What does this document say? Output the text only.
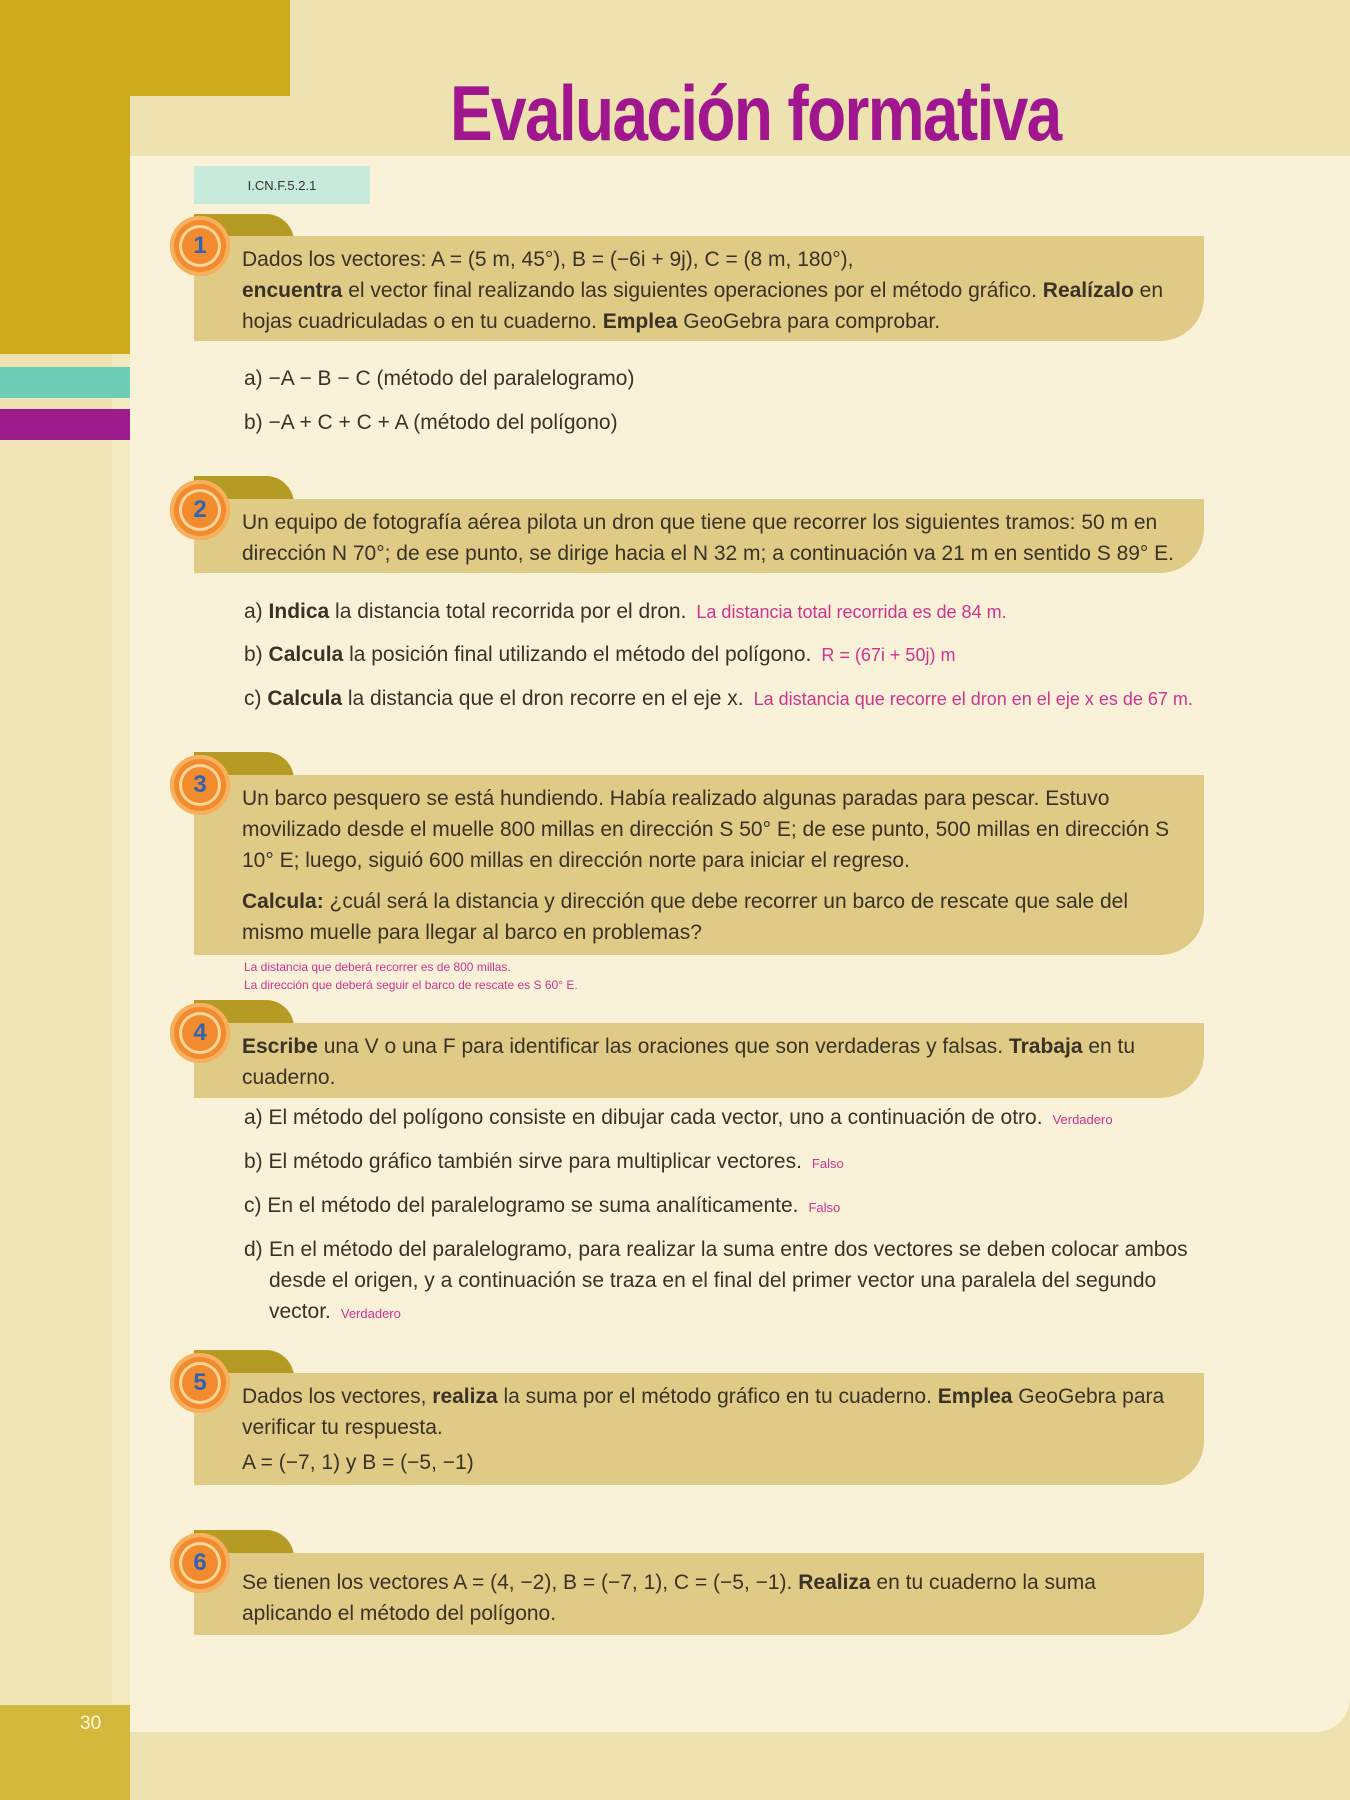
30
Evaluación formativa
I.CN.F.5.2.1

Dados los vectores: A = (5 m, 45°), B = (−6i + 9j), C = (8 m, 180°),
encuentra el vector final realizando las siguientes operaciones por el método gráfico. Realízalo en hojas cuadriculadas o en tu cuaderno. Emplea GeoGebra para comprobar.

1
a) −A − B − C (método del paralelogramo)
b) −A + C + C + A (método del polígono)

Un equipo de fotografía aérea pilota un dron que tiene que recorrer los siguientes tramos: 50 m en dirección N 70°; de ese punto, se dirige hacia el N 32 m; a continuación va 21 m en sentido S 89° E.

2
a) Indica la distancia total recorrida por el dron. La distancia total recorrida es de 84 m.
b) Calcula la posición final utilizando el método del polígono. R = (67i + 50j) m
c) Calcula la distancia que el dron recorre en el eje x. La distancia que recorre el dron en el eje x es de 67 m.

Un barco pesquero se está hundiendo. Había realizado algunas paradas para pescar. Estuvo movilizado desde el muelle 800 millas en dirección S 50° E; de ese punto, 500 millas en dirección S 10° E; luego, siguió 600 millas en dirección norte para iniciar el regreso.

Calcula: ¿cuál será la distancia y dirección que debe recorrer un barco de rescate que sale del mismo muelle para llegar al barco en problemas?

3
La distancia que deberá recorrer es de 800 millas.
La dirección que deberá seguir el barco de rescate es S 60° E.

Escribe una V o una F para identificar las oraciones que son verdaderas y falsas. Trabaja en tu cuaderno.

4
a) El método del polígono consiste en dibujar cada vector, uno a continuación de otro. Verdadero
b) El método gráfico también sirve para multiplicar vectores. Falso
c) En el método del paralelogramo se suma analíticamente. Falso
d) En el método del paralelogramo, para realizar la suma entre dos vectores se deben colocar ambos desde el origen, y a continuación se traza en el final del primer vector una paralela del segundo vector. Verdadero

Dados los vectores, realiza la suma por el método gráfico en tu cuaderno. Emplea GeoGebra para verificar tu respuesta.

A = (−7, 1) y B = (−5, −1)

5

Se tienen los vectores A = (4, −2), B = (−7, 1), C = (−5, −1). Realiza en tu cuaderno la suma aplicando el método del polígono.

6
